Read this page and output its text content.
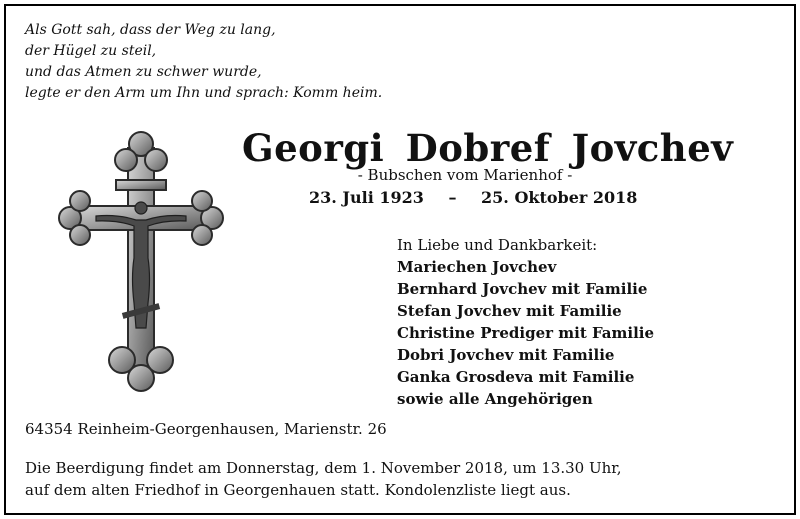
Als Gott sah, dass der Weg zu lang,
der Hügel zu steil,
und das Atmen zu schwer wurde,
legte er den Arm um Ihn und sprach: Komm heim.
Georgi Dobref Jovchev
- Bubschen vom Marienhof -
23. Juli 1923 – 25. Oktober 2018
In Liebe und Dankbarkeit:
Mariechen Jovchev
Bernhard Jovchev mit Familie
Stefan Jovchev mit Familie
Christine Prediger mit Familie
Dobri Jovchev mit Familie
Ganka Grosdeva mit Familie
sowie alle Angehörigen
64354 Reinheim-Georgenhausen, Marienstr. 26
Die Beerdigung findet am Donnerstag, dem 1. November 2018, um 13.30 Uhr,
auf dem alten Friedhof in Georgenhauen statt. Kondolenzliste liegt aus.
